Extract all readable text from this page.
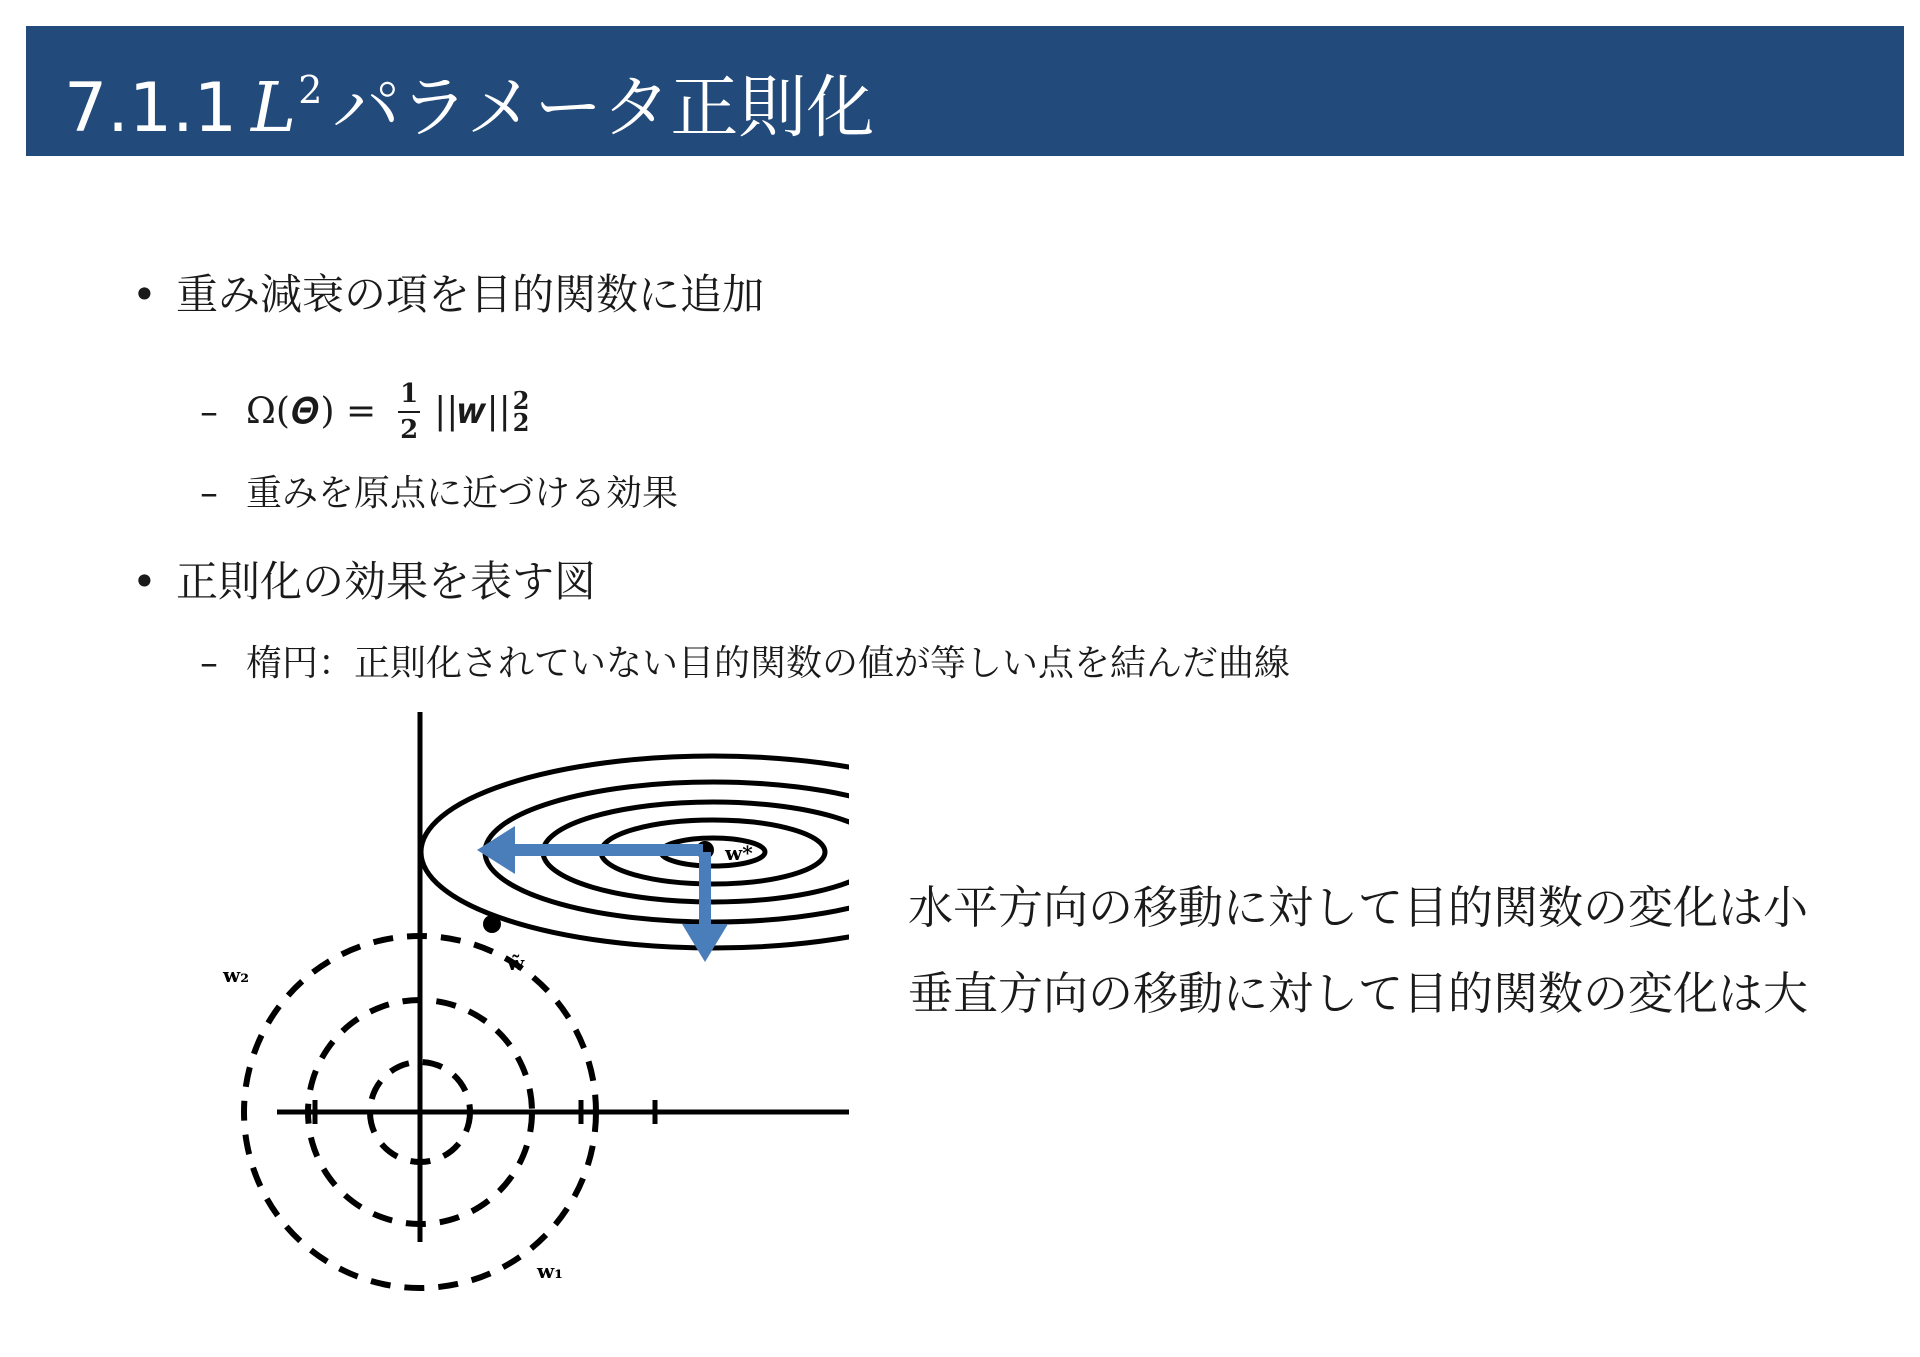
7.1.1 $L^2$ パラメータ正則化
• 重み減衰の項を目的関数に追加
– Ω(𝜣) = $\frac{1}{2}$ ||𝒘|| 2
2
– 重みを原点に近づける効果
• 正則化の効果を表す図
– 楕円：正則化されていない目的関数の値が等しい点を結んだ曲線
w₂
w₁
w̃
w*
水平方向の移動に対して目的関数の変化は小
垂直方向の移動に対して目的関数の変化は大
